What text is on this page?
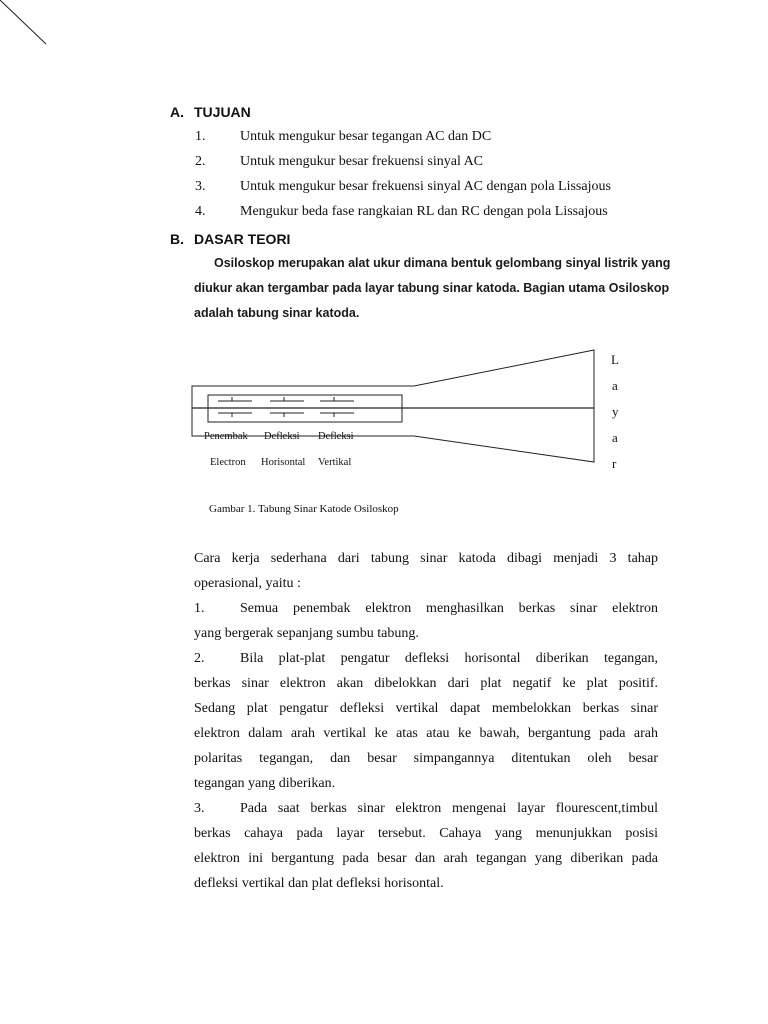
A. TUJUAN
1. Untuk mengukur besar tegangan AC dan DC
2. Untuk mengukur besar frekuensi sinyal AC
3. Untuk mengukur besar frekuensi sinyal AC dengan pola Lissajous
4. Mengukur beda fase rangkaian RL dan RC dengan pola Lissajous
B. DASAR TEORI
Osiloskop merupakan alat ukur dimana bentuk gelombang sinyal listrik yang
diukur akan tergambar pada layar tabung sinar katoda. Bagian utama Osiloskop
adalah tabung sinar katoda.
Penembak
Electron
Defleksi
Horisontal
Defleksi
Vertikal
L
a
y
a
r
Gambar 1. Tabung Sinar Katode Osiloskop
Cara kerja sederhana dari tabung sinar katoda dibagi menjadi 3 tahap
operasional, yaitu :
1.	Semua penembak elektron menghasilkan berkas sinar elektron
yang bergerak sepanjang sumbu tabung.
2.	Bila plat-plat pengatur defleksi horisontal diberikan tegangan,
berkas sinar elektron akan dibelokkan dari plat negatif ke plat positif.
Sedang plat pengatur defleksi vertikal dapat membelokkan berkas sinar
elektron dalam arah vertikal ke atas atau ke bawah, bergantung pada arah
polaritas tegangan, dan besar simpangannya ditentukan oleh besar
tegangan yang diberikan.
3.	Pada saat berkas sinar elektron mengenai layar flourescent,timbul
berkas cahaya pada layar tersebut. Cahaya yang menunjukkan posisi
elektron ini bergantung pada besar dan arah tegangan yang diberikan pada
defleksi vertikal dan plat defleksi horisontal.
